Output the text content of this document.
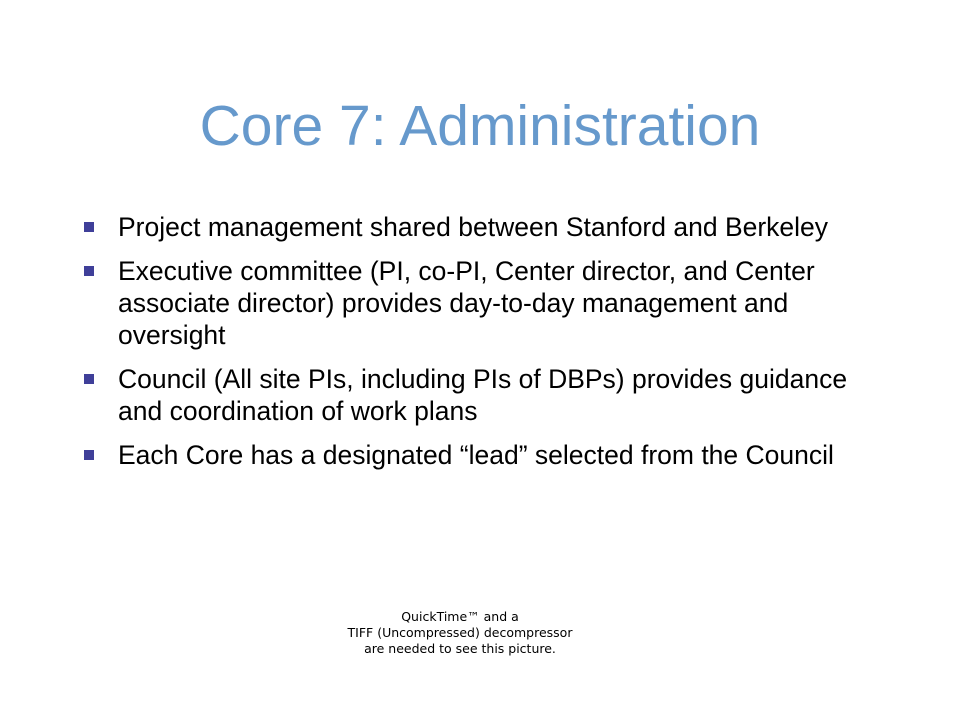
Core 7: Administration
Project management shared between Stanford and Berkeley
Executive committee (PI, co-PI, Center director, and Center associate director) provides day-to-day management and oversight
Council (All site PIs, including PIs of DBPs) provides guidance and coordination of work plans
Each Core has a designated “lead” selected from the Council
QuickTime™ and a
TIFF (Uncompressed) decompressor
are needed to see this picture.
